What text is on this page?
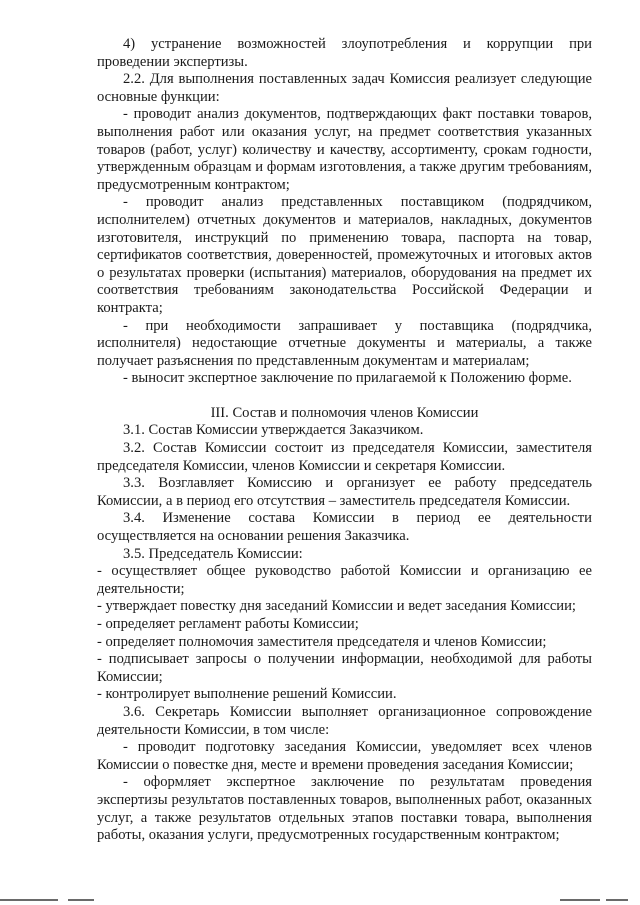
4) устранение возможностей злоупотребления и коррупции при проведении экспертизы.

2.2. Для выполнения поставленных задач Комиссия реализует следующие основные функции:

- проводит анализ документов, подтверждающих факт поставки товаров, выполнения работ или оказания услуг, на предмет соответствия указанных товаров (работ, услуг) количеству и качеству, ассортименту, срокам годности, утвержденным образцам и формам изготовления, а также другим требованиям, предусмотренным контрактом;

- проводит анализ представленных поставщиком (подрядчиком, исполнителем) отчетных документов и материалов, накладных, документов изготовителя, инструкций по применению товара, паспорта на товар, сертификатов соответствия, доверенностей, промежуточных и итоговых актов о результатах проверки (испытания) материалов, оборудования на предмет их соответствия требованиям законодательства Российской Федерации и контракта;

- при необходимости запрашивает у поставщика (подрядчика, исполнителя) недостающие отчетные документы и материалы, а также получает разъяснения по представленным документам и материалам;

- выносит экспертное заключение по прилагаемой к Положению форме.

III. Состав и полномочия членов Комиссии

3.1. Состав Комиссии утверждается Заказчиком.

3.2. Состав Комиссии состоит из председателя Комиссии, заместителя председателя Комиссии, членов Комиссии и секретаря Комиссии.

3.3. Возглавляет Комиссию и организует ее работу председатель Комиссии, а в период его отсутствия – заместитель председателя Комиссии.

3.4. Изменение состава Комиссии в период ее деятельности осуществляется на основании решения Заказчика.

3.5. Председатель Комиссии:

- осуществляет общее руководство работой Комиссии и организацию ее деятельности;

- утверждает повестку дня заседаний Комиссии и ведет заседания Комиссии;

- определяет регламент работы Комиссии;

- определяет полномочия заместителя председателя и членов Комиссии;

- подписывает запросы о получении информации, необходимой для работы Комиссии;

- контролирует выполнение решений Комиссии.

3.6. Секретарь Комиссии выполняет организационное сопровождение деятельности Комиссии, в том числе:

- проводит подготовку заседания Комиссии, уведомляет всех членов Комиссии о повестке дня, месте и времени проведения заседания Комиссии;

- оформляет экспертное заключение по результатам проведения экспертизы результатов поставленных товаров, выполненных работ, оказанных услуг, а также результатов отдельных этапов поставки товара, выполнения работы, оказания услуги, предусмотренных государственным контрактом;
